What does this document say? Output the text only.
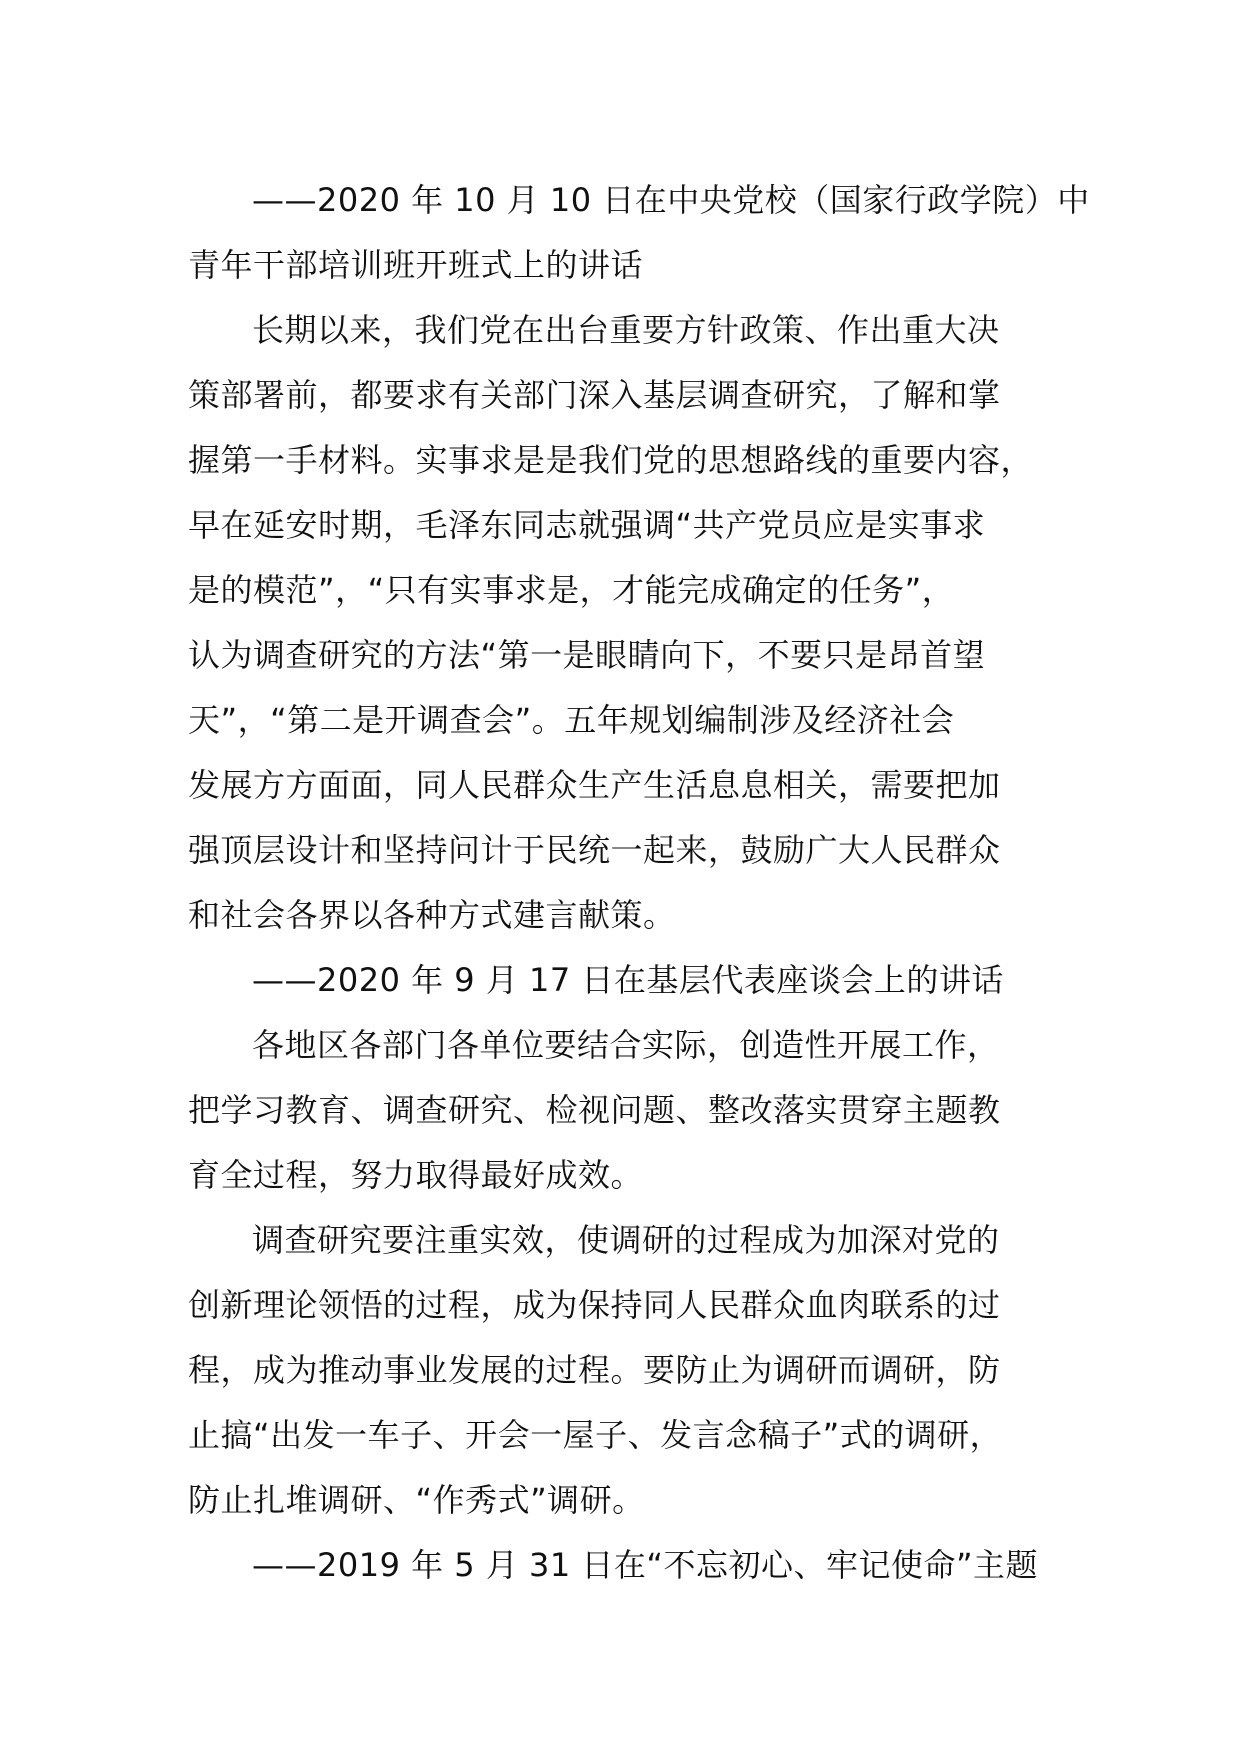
——2020 年 10 月 10 日在中央党校（国家行政学院）中
青年干部培训班开班式上的讲话
长期以来，我们党在出台重要方针政策、作出重大决
策部署前，都要求有关部门深入基层调查研究，了解和掌
握第一手材料。实事求是是我们党的思想路线的重要内容，
早在延安时期，毛泽东同志就强调“共产党员应是实事求
是的模范”，“只有实事求是，才能完成确定的任务”，
认为调查研究的方法“第一是眼睛向下，不要只是昂首望
天”，“第二是开调查会”。五年规划编制涉及经济社会
发展方方面面，同人民群众生产生活息息相关，需要把加
强顶层设计和坚持问计于民统一起来，鼓励广大人民群众
和社会各界以各种方式建言献策。
——2020 年 9 月 17 日在基层代表座谈会上的讲话
各地区各部门各单位要结合实际，创造性开展工作，
把学习教育、调查研究、检视问题、整改落实贯穿主题教
育全过程，努力取得最好成效。
调查研究要注重实效，使调研的过程成为加深对党的
创新理论领悟的过程，成为保持同人民群众血肉联系的过
程，成为推动事业发展的过程。要防止为调研而调研，防
止搞“出发一车子、开会一屋子、发言念稿子”式的调研，
防止扎堆调研、“作秀式”调研。
——2019 年 5 月 31 日在“不忘初心、牢记使命”主题
